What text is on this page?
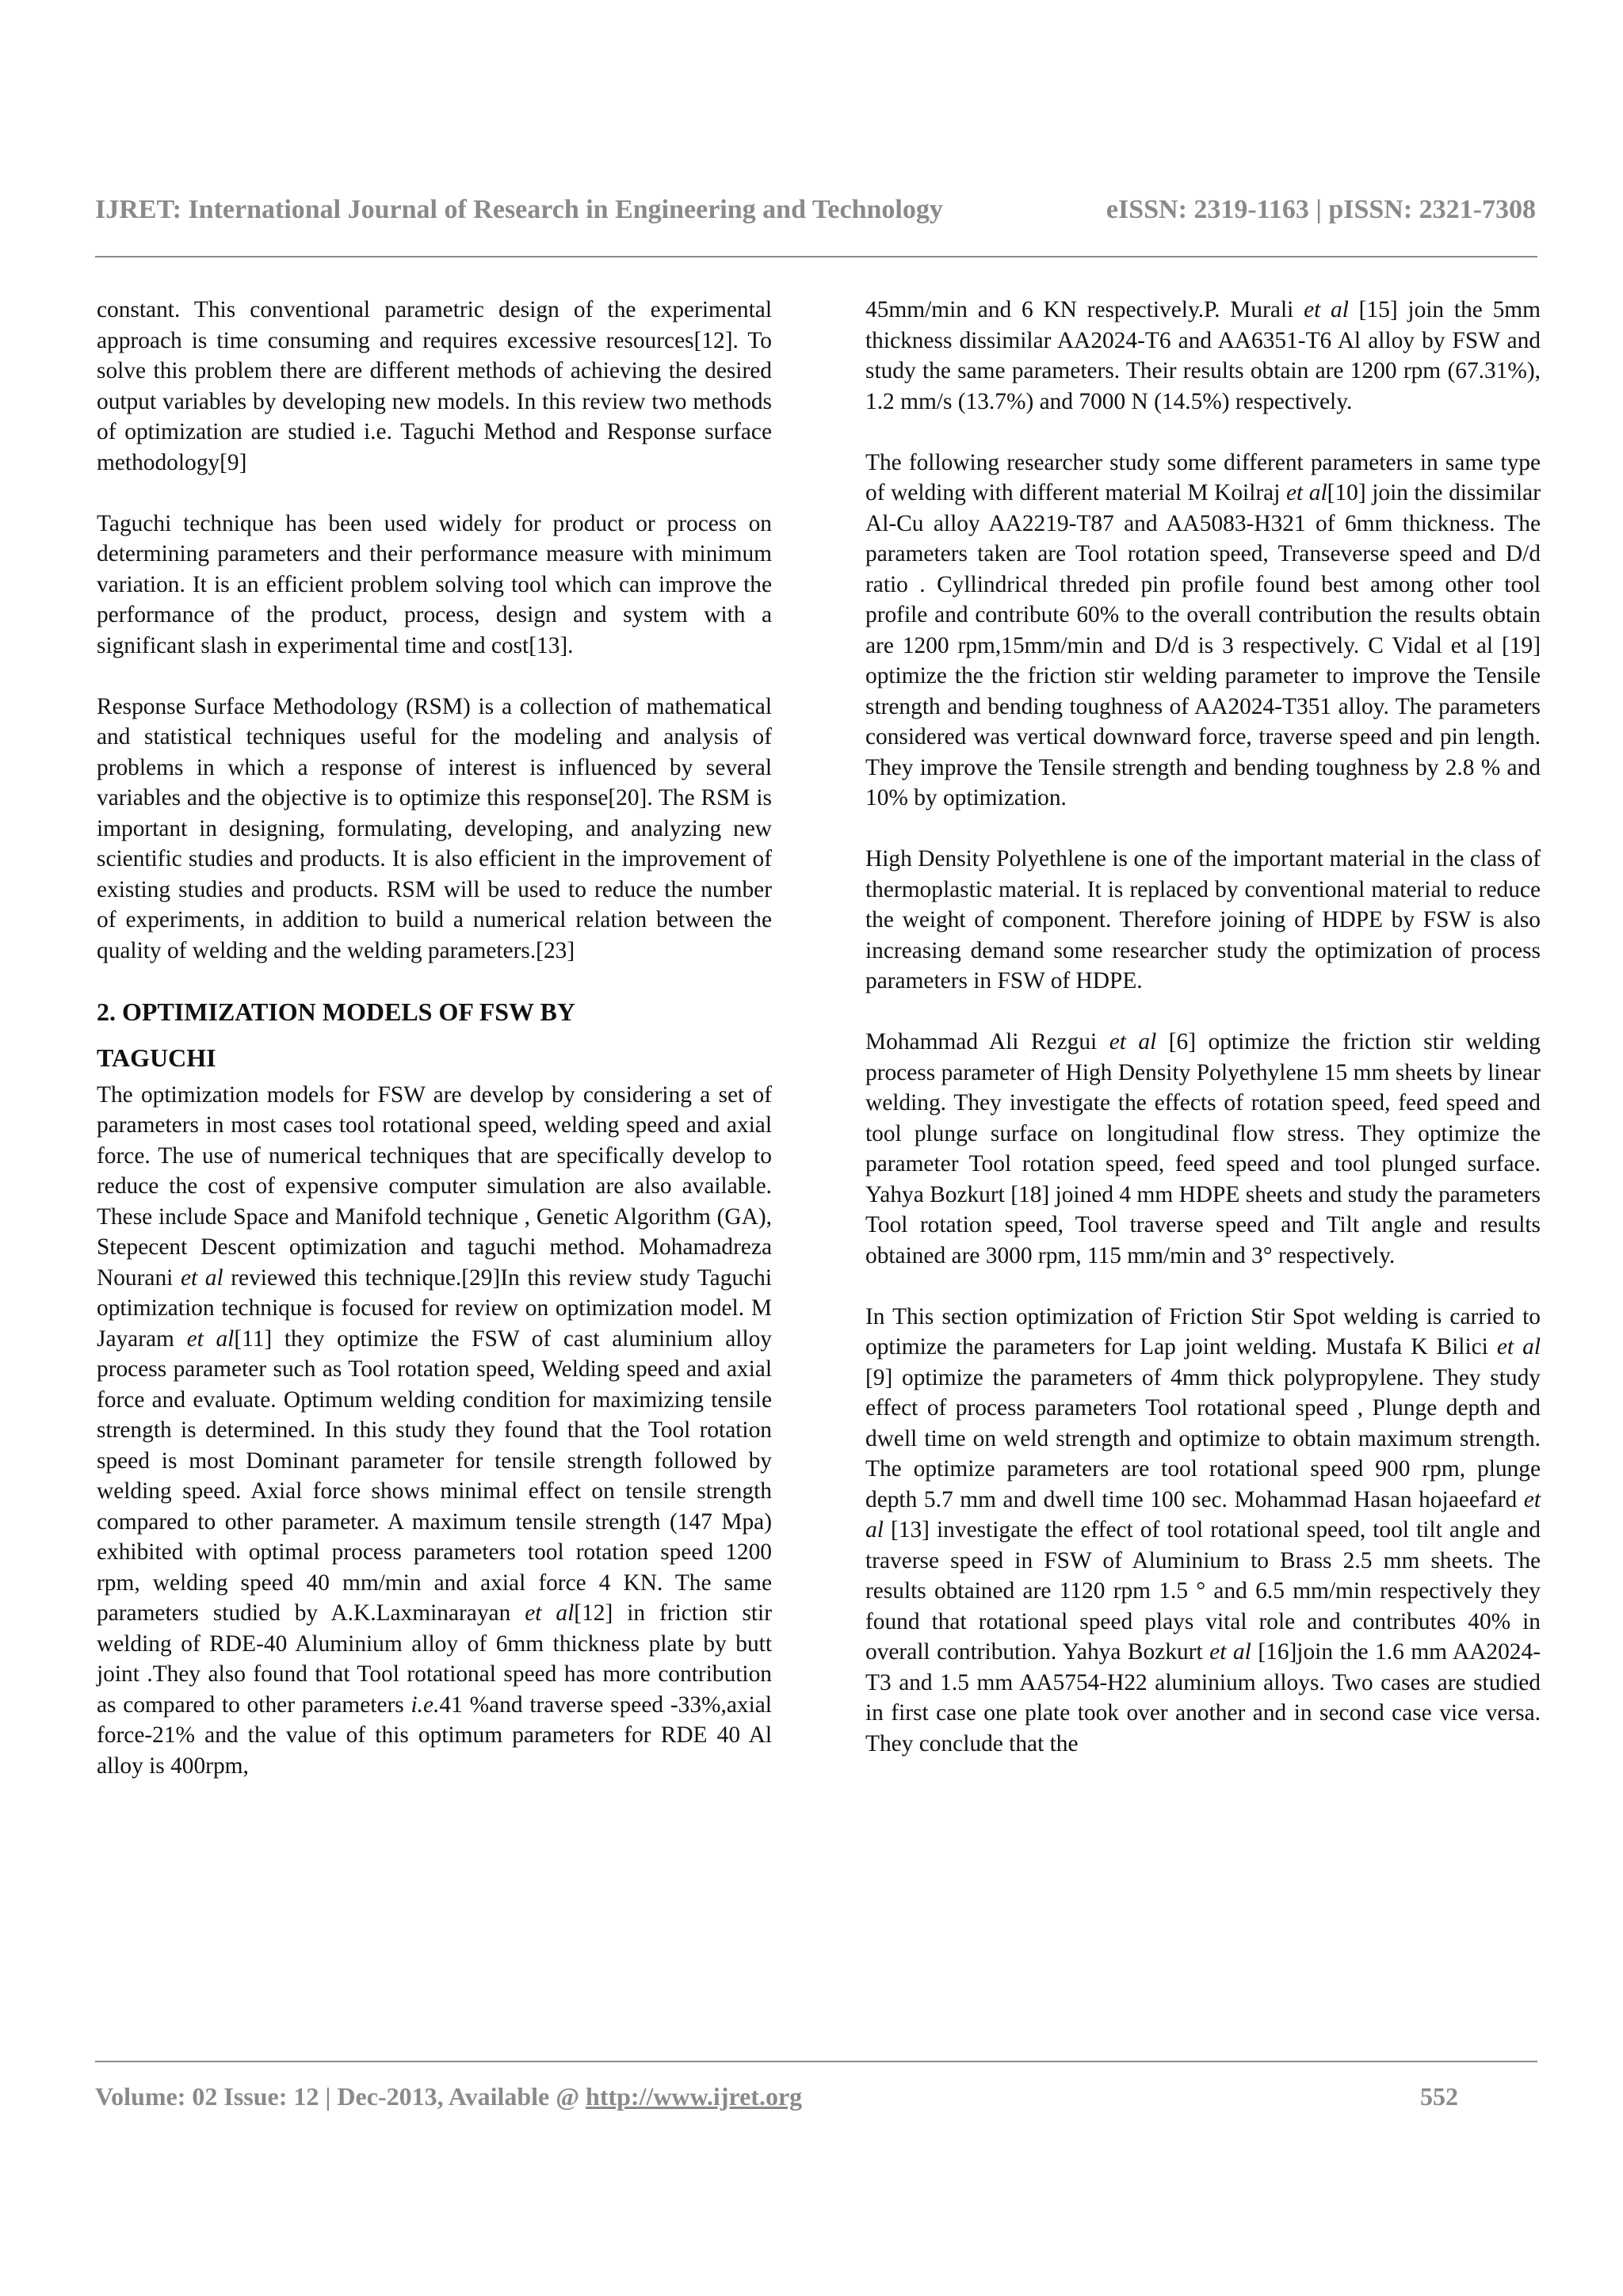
IJRET: International Journal of Research in Engineering and Technology	eISSN: 2319-1163 | pISSN: 2321-7308

constant. This conventional parametric design of the experimental approach is time consuming and requires excessive resources[12]. To solve this problem there are different methods of achieving the desired output variables by developing new models. In this review two methods of optimization are studied i.e. Taguchi Method and Response surface methodology[9]

Taguchi technique has been used widely for product or process on determining parameters and their performance measure with minimum variation. It is an efficient problem solving tool which can improve the performance of the product, process, design and system with a significant slash in experimental time and cost[13].

Response Surface Methodology (RSM) is a collection of mathematical and statistical techniques useful for the modeling and analysis of problems in which a response of interest is influenced by several variables and the objective is to optimize this response[20]. The RSM is important in designing, formulating, developing, and analyzing new scientific studies and products. It is also efficient in the improvement of existing studies and products. RSM will be used to reduce the number of experiments, in addition to build a numerical relation between the quality of welding and the welding parameters.[23]

2. OPTIMIZATION MODELS OF FSW BY
TAGUCHI

The optimization models for FSW are develop by considering a set of parameters in most cases tool rotational speed, welding speed and axial force. The use of numerical techniques that are specifically develop to reduce the cost of expensive computer simulation are also available. These include Space and Manifold technique , Genetic Algorithm (GA), Stepecent Descent optimization and taguchi method. Mohamadreza Nourani et al reviewed this technique.[29]In this review study Taguchi optimization technique is focused for review on optimization model. M Jayaram et al[11] they optimize the FSW of cast aluminium alloy process parameter such as Tool rotation speed, Welding speed and axial force and evaluate. Optimum welding condition for maximizing tensile strength is determined. In this study they found that the Tool rotation speed is most Dominant parameter for tensile strength followed by welding speed. Axial force shows minimal effect on tensile strength compared to other parameter. A maximum tensile strength (147 Mpa) exhibited with optimal process parameters tool rotation speed 1200 rpm, welding speed 40 mm/min and axial force 4 KN. The same parameters studied by A.K.Laxminarayan et al[12] in friction stir welding of RDE-40 Aluminium alloy of 6mm thickness plate by butt joint .They also found that Tool rotational speed has more contribution as compared to other parameters i.e.41 %and traverse speed -33%,axial force-21% and the value of this optimum parameters for RDE 40 Al alloy is 400rpm,

45mm/min and 6 KN respectively.P. Murali et al [15] join the 5mm thickness dissimilar AA2024-T6 and AA6351-T6 Al alloy by FSW and study the same parameters. Their results obtain are 1200 rpm (67.31%), 1.2 mm/s (13.7%) and 7000 N (14.5%) respectively.

The following researcher study some different parameters in same type of welding with different material M Koilraj et al[10] join the dissimilar Al-Cu alloy AA2219-T87 and AA5083-H321 of 6mm thickness. The parameters taken are Tool rotation speed, Transeverse speed and D/d ratio . Cyllindrical threded pin profile found best among other tool profile and contribute 60% to the overall contribution the results obtain are 1200 rpm,15mm/min and D/d is 3 respectively. C Vidal et al [19] optimize the the friction stir welding parameter to improve the Tensile strength and bending toughness of AA2024-T351 alloy. The parameters considered was vertical downward force, traverse speed and pin length. They improve the Tensile strength and bending toughness by 2.8 % and 10% by optimization.

High Density Polyethlene is one of the important material in the class of thermoplastic material. It is replaced by conventional material to reduce the weight of component. Therefore joining of HDPE by FSW is also increasing demand some researcher study the optimization of process parameters in FSW of HDPE.

Mohammad Ali Rezgui et al [6] optimize the friction stir welding process parameter of High Density Polyethylene 15 mm sheets by linear welding. They investigate the effects of rotation speed, feed speed and tool plunge surface on longitudinal flow stress. They optimize the parameter Tool rotation speed, feed speed and tool plunged surface. Yahya Bozkurt [18] joined 4 mm HDPE sheets and study the parameters Tool rotation speed, Tool traverse speed and Tilt angle and results obtained are 3000 rpm, 115 mm/min and 3° respectively.

In This section optimization of Friction Stir Spot welding is carried to optimize the parameters for Lap joint welding. Mustafa K Bilici et al [9] optimize the parameters of 4mm thick polypropylene. They study effect of process parameters Tool rotational speed , Plunge depth and dwell time on weld strength and optimize to obtain maximum strength. The optimize parameters are tool rotational speed 900 rpm, plunge depth 5.7 mm and dwell time 100 sec. Mohammad Hasan hojaeefard et al [13] investigate the effect of tool rotational speed, tool tilt angle and traverse speed in FSW of Aluminium to Brass 2.5 mm sheets. The results obtained are 1120 rpm 1.5 ° and 6.5 mm/min respectively they found that rotational speed plays vital role and contributes 40% in overall contribution. Yahya Bozkurt et al [16]join the 1.6 mm AA2024-T3 and 1.5 mm AA5754-H22 aluminium alloys. Two cases are studied in first case one plate took over another and in second case vice versa. They conclude that the

Volume: 02 Issue: 12 | Dec-2013, Available @ http://www.ijret.org	552
